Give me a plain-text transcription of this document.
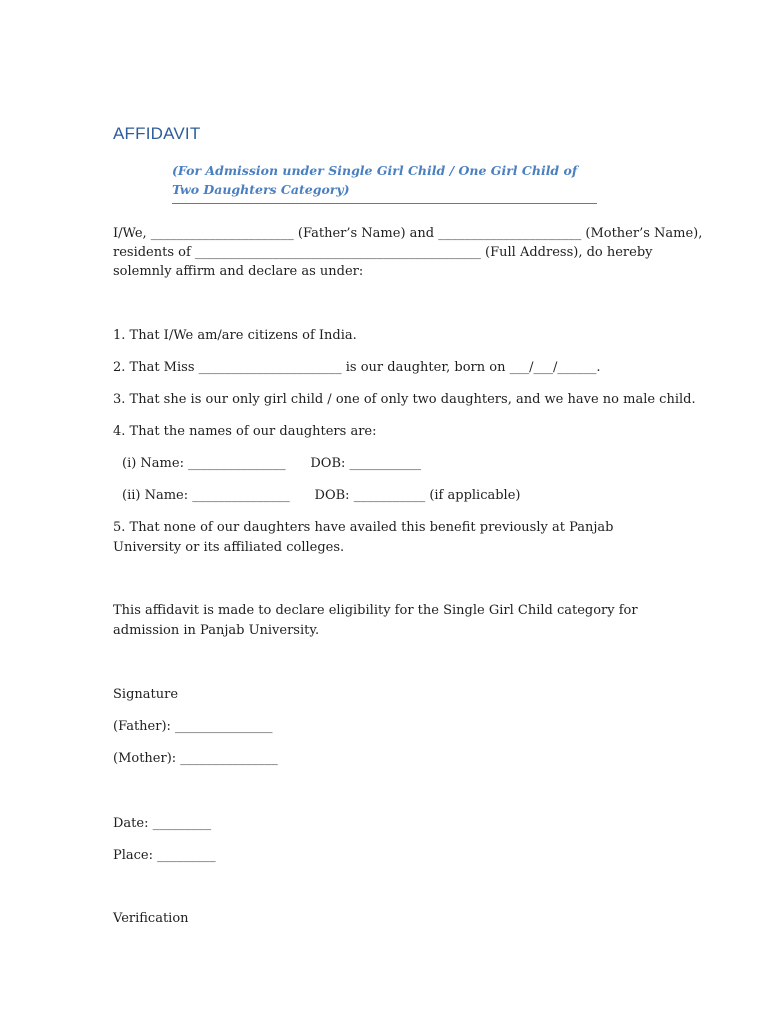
AFFIDAVIT
(For Admission under Single Girl Child / One Girl Child of Two Daughters Category)
I/We, ______________________ (Father’s Name) and ______________________ (Mother’s Name),
residents of ____________________________________________ (Full Address), do hereby
solemnly affirm and declare as under:
1. That I/We am/are citizens of India.
2. That Miss ______________________ is our daughter, born on ___/___/______.
3. That she is our only girl child / one of only two daughters, and we have no male child.
4. That the names of our daughters are:
(i) Name: _______________      DOB: ___________
(ii) Name: _______________      DOB: ___________ (if applicable)
5. That none of our daughters have availed this benefit previously at Panjab University or its affiliated colleges.
This affidavit is made to declare eligibility for the Single Girl Child category for admission in Panjab University.
Signature
(Father): _______________
(Mother): _______________
Date: _________
Place: _________
Verification
